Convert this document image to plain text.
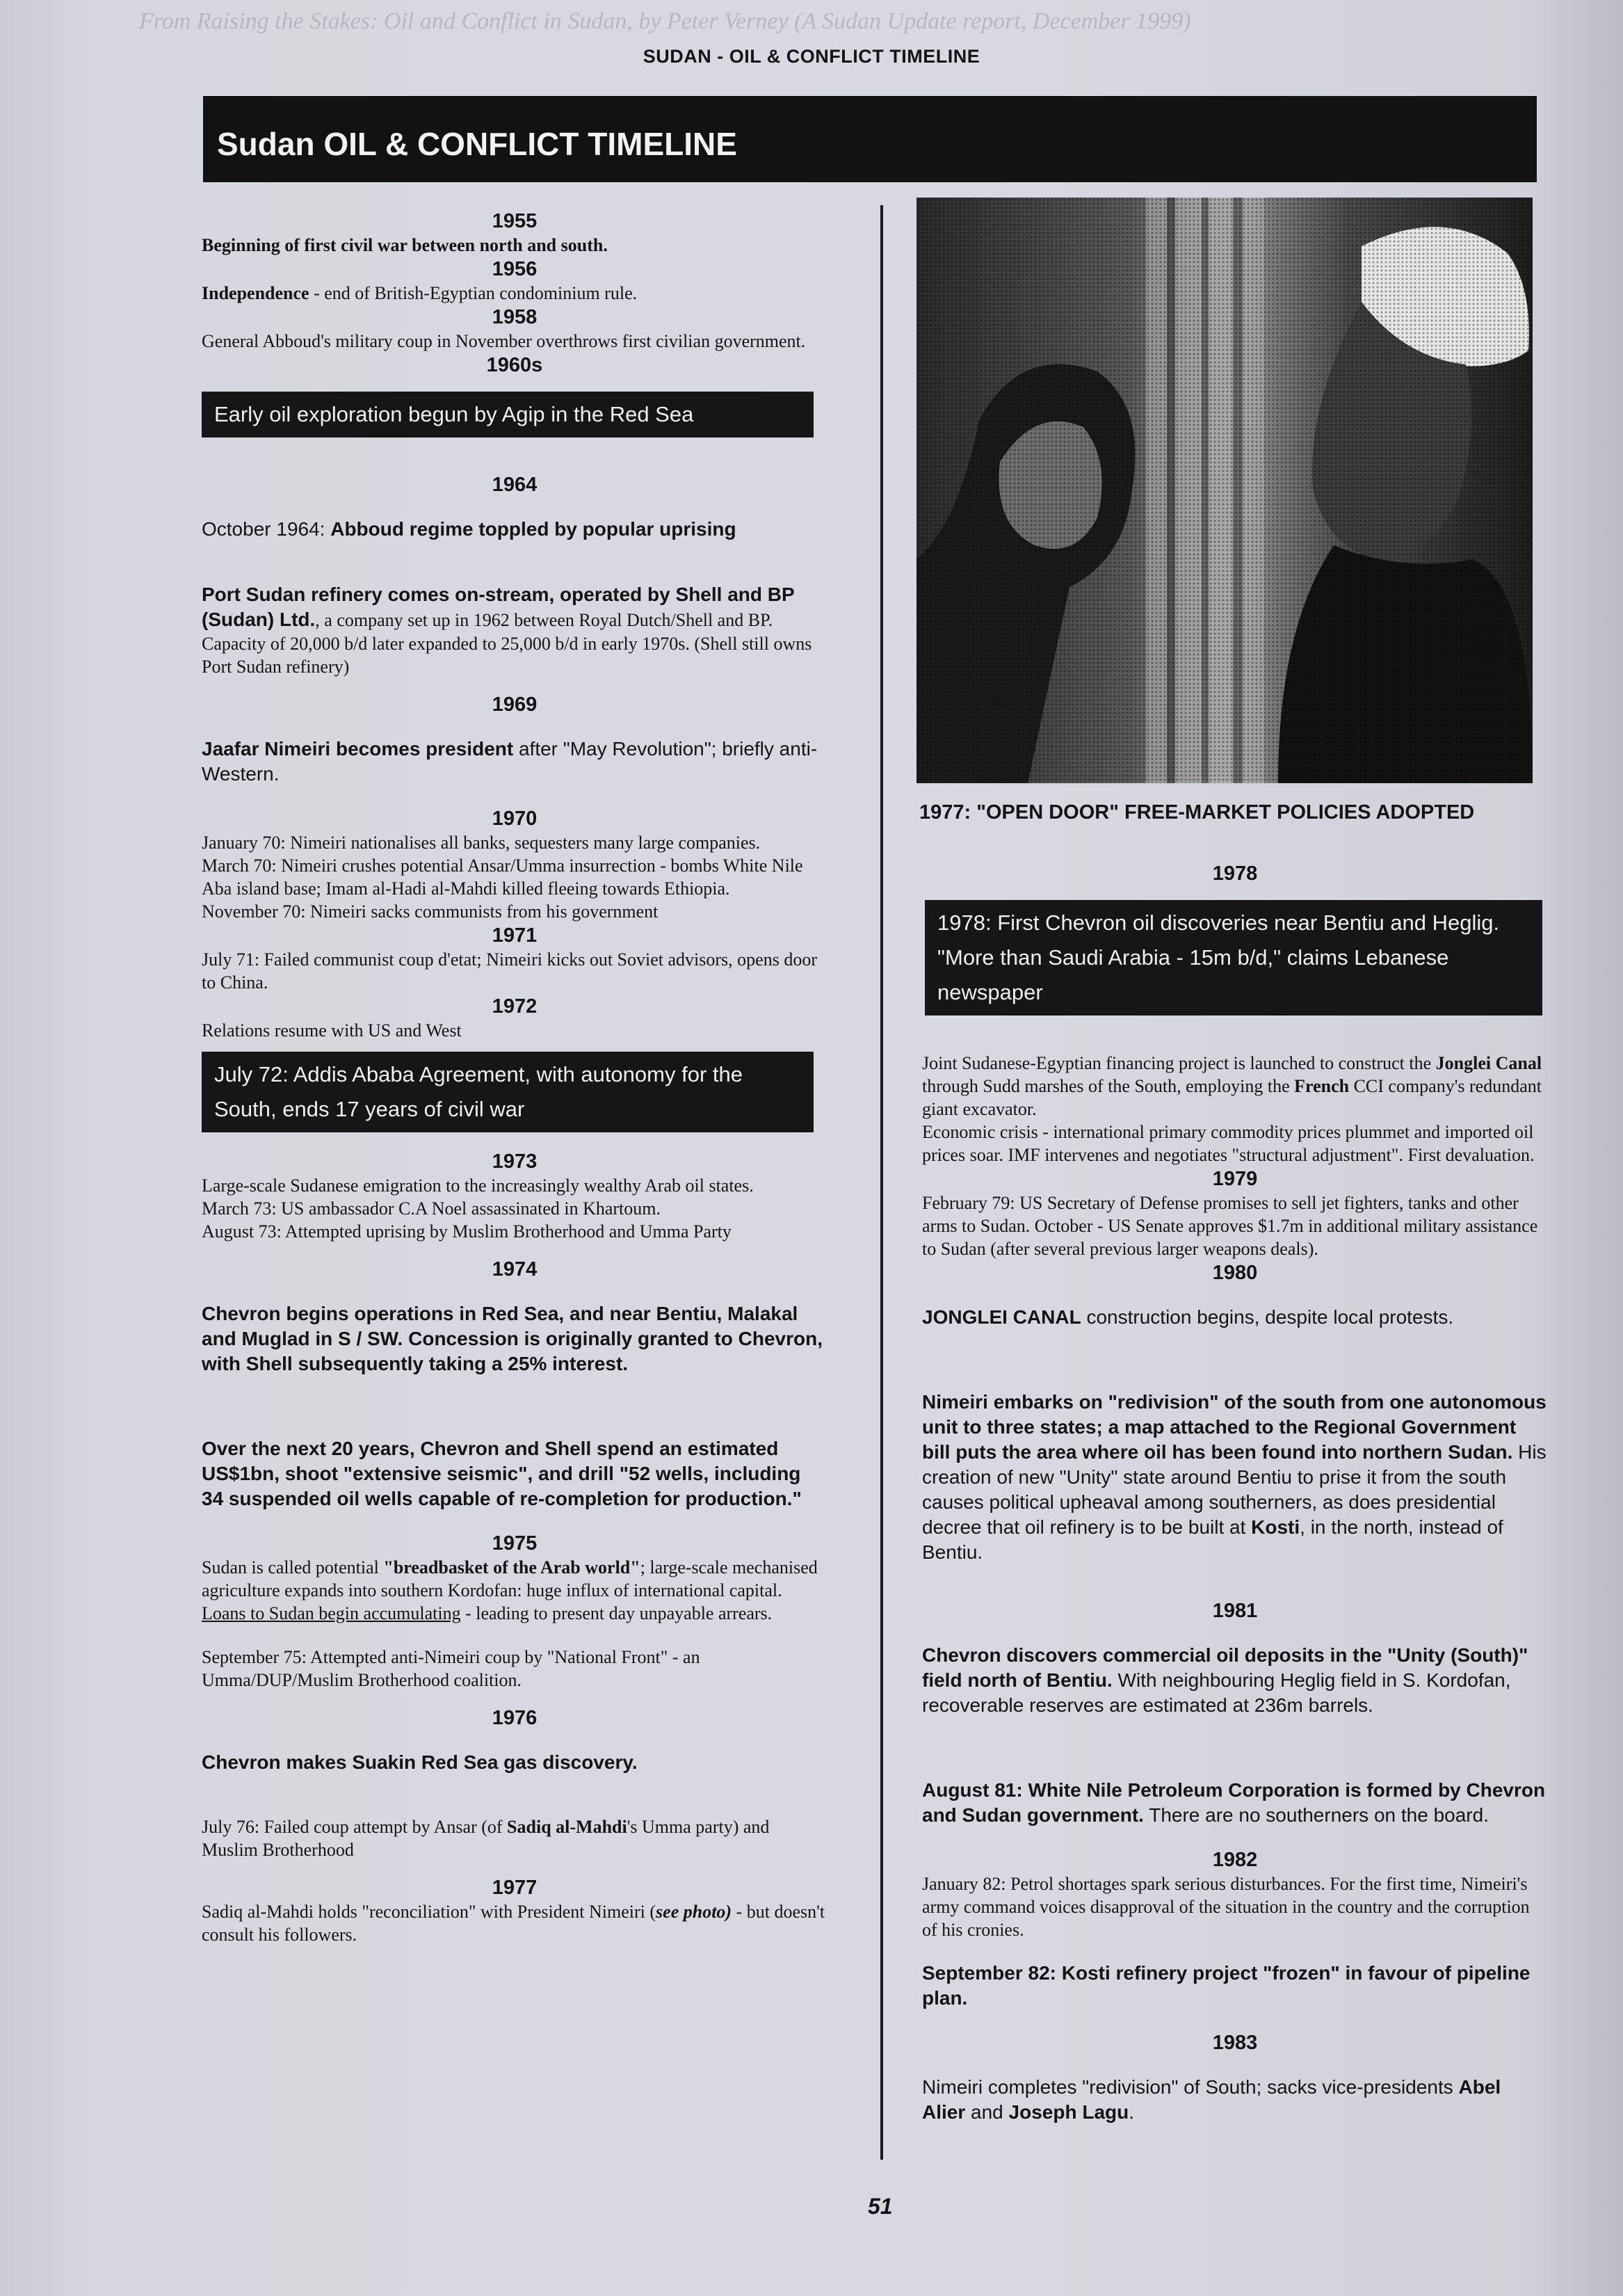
From Raising the Stakes: Oil and Conflict in Sudan, by Peter Verney (A Sudan Update report, December 1999)
SUDAN - OIL & CONFLICT TIMELINE
Sudan OIL & CONFLICT TIMELINE

1955

Beginning of first civil war between north and south.

1956

Independence - end of British-Egyptian condominium rule.

1958

General Abboud's military coup in November overthrows first civilian government.

1960s

Early oil exploration begun by Agip in the Red Sea

1964

October 1964: Abboud regime toppled by popular uprising

Port Sudan refinery comes on-stream, operated by Shell and BP (Sudan) Ltd., a company set up in 1962 between Royal Dutch/Shell and BP. Capacity of 20,000 b/d later expanded to 25,000 b/d in early 1970s. (Shell still owns Port Sudan refinery)

1969

Jaafar Nimeiri becomes president after "May Revolution"; briefly anti-Western.

1970

January 70: Nimeiri nationalises all banks, sequesters many large companies.

March 70: Nimeiri crushes potential Ansar/Umma insurrection - bombs White Nile Aba island base; Imam al-Hadi al-Mahdi killed fleeing towards Ethiopia.

November 70: Nimeiri sacks communists from his government

1971

July 71: Failed communist coup d'etat; Nimeiri kicks out Soviet advisors, opens door to China.

1972

Relations resume with US and West

July 72: Addis Ababa Agreement, with autonomy for the South, ends 17 years of civil war

1973

Large-scale Sudanese emigration to the increasingly wealthy Arab oil states.

March 73: US ambassador C.A Noel assassinated in Khartoum.

August 73: Attempted uprising by Muslim Brotherhood and Umma Party

1974

Chevron begins operations in Red Sea, and near Bentiu, Malakal and Muglad in S / SW. Concession is originally granted to Chevron, with Shell subsequently taking a 25% interest.

Over the next 20 years, Chevron and Shell spend an estimated US$1bn, shoot "extensive seismic", and drill "52 wells, including 34 suspended oil wells capable of re-completion for production."

1975

Sudan is called potential "breadbasket of the Arab world"; large-scale mechanised agriculture expands into southern Kordofan: huge influx of international capital. Loans to Sudan begin accumulating - leading to present day unpayable arrears.

September 75: Attempted anti-Nimeiri coup by "National Front" - an Umma/DUP/Muslim Brotherhood coalition.

1976

Chevron makes Suakin Red Sea gas discovery.

July 76: Failed coup attempt by Ansar (of Sadiq al-Mahdi's Umma party) and Muslim Brotherhood

1977

Sadiq al-Mahdi holds "reconciliation" with President Nimeiri (see photo) - but doesn't consult his followers.

1977: "OPEN DOOR" FREE-MARKET POLICIES ADOPTED

1978

1978: First Chevron oil discoveries near Bentiu and Heglig. "More than Saudi Arabia - 15m b/d," claims Lebanese newspaper

Joint Sudanese-Egyptian financing project is launched to construct the Jonglei Canal through Sudd marshes of the South, employing the French CCI company's redundant giant excavator.

Economic crisis - international primary commodity prices plummet and imported oil prices soar. IMF intervenes and negotiates "structural adjustment". First devaluation.

1979

February 79: US Secretary of Defense promises to sell jet fighters, tanks and other arms to Sudan. October - US Senate approves $1.7m in additional military assistance to Sudan (after several previous larger weapons deals).

1980

JONGLEI CANAL construction begins, despite local protests.

Nimeiri embarks on "redivision" of the south from one autonomous unit to three states; a map attached to the Regional Government bill puts the area where oil has been found into northern Sudan. His creation of new "Unity" state around Bentiu to prise it from the south causes political upheaval among southerners, as does presidential decree that oil refinery is to be built at Kosti, in the north, instead of Bentiu.

1981

Chevron discovers commercial oil deposits in the "Unity (South)" field north of Bentiu. With neighbouring Heglig field in S. Kordofan, recoverable reserves are estimated at 236m barrels.

August 81: White Nile Petroleum Corporation is formed by Chevron and Sudan government. There are no southerners on the board.

1982

January 82: Petrol shortages spark serious disturbances. For the first time, Nimeiri's army command voices disapproval of the situation in the country and the corruption of his cronies.

September 82: Kosti refinery project "frozen" in favour of pipeline plan.

1983

Nimeiri completes "redivision" of South; sacks vice-presidents Abel Alier and Joseph Lagu.

51
